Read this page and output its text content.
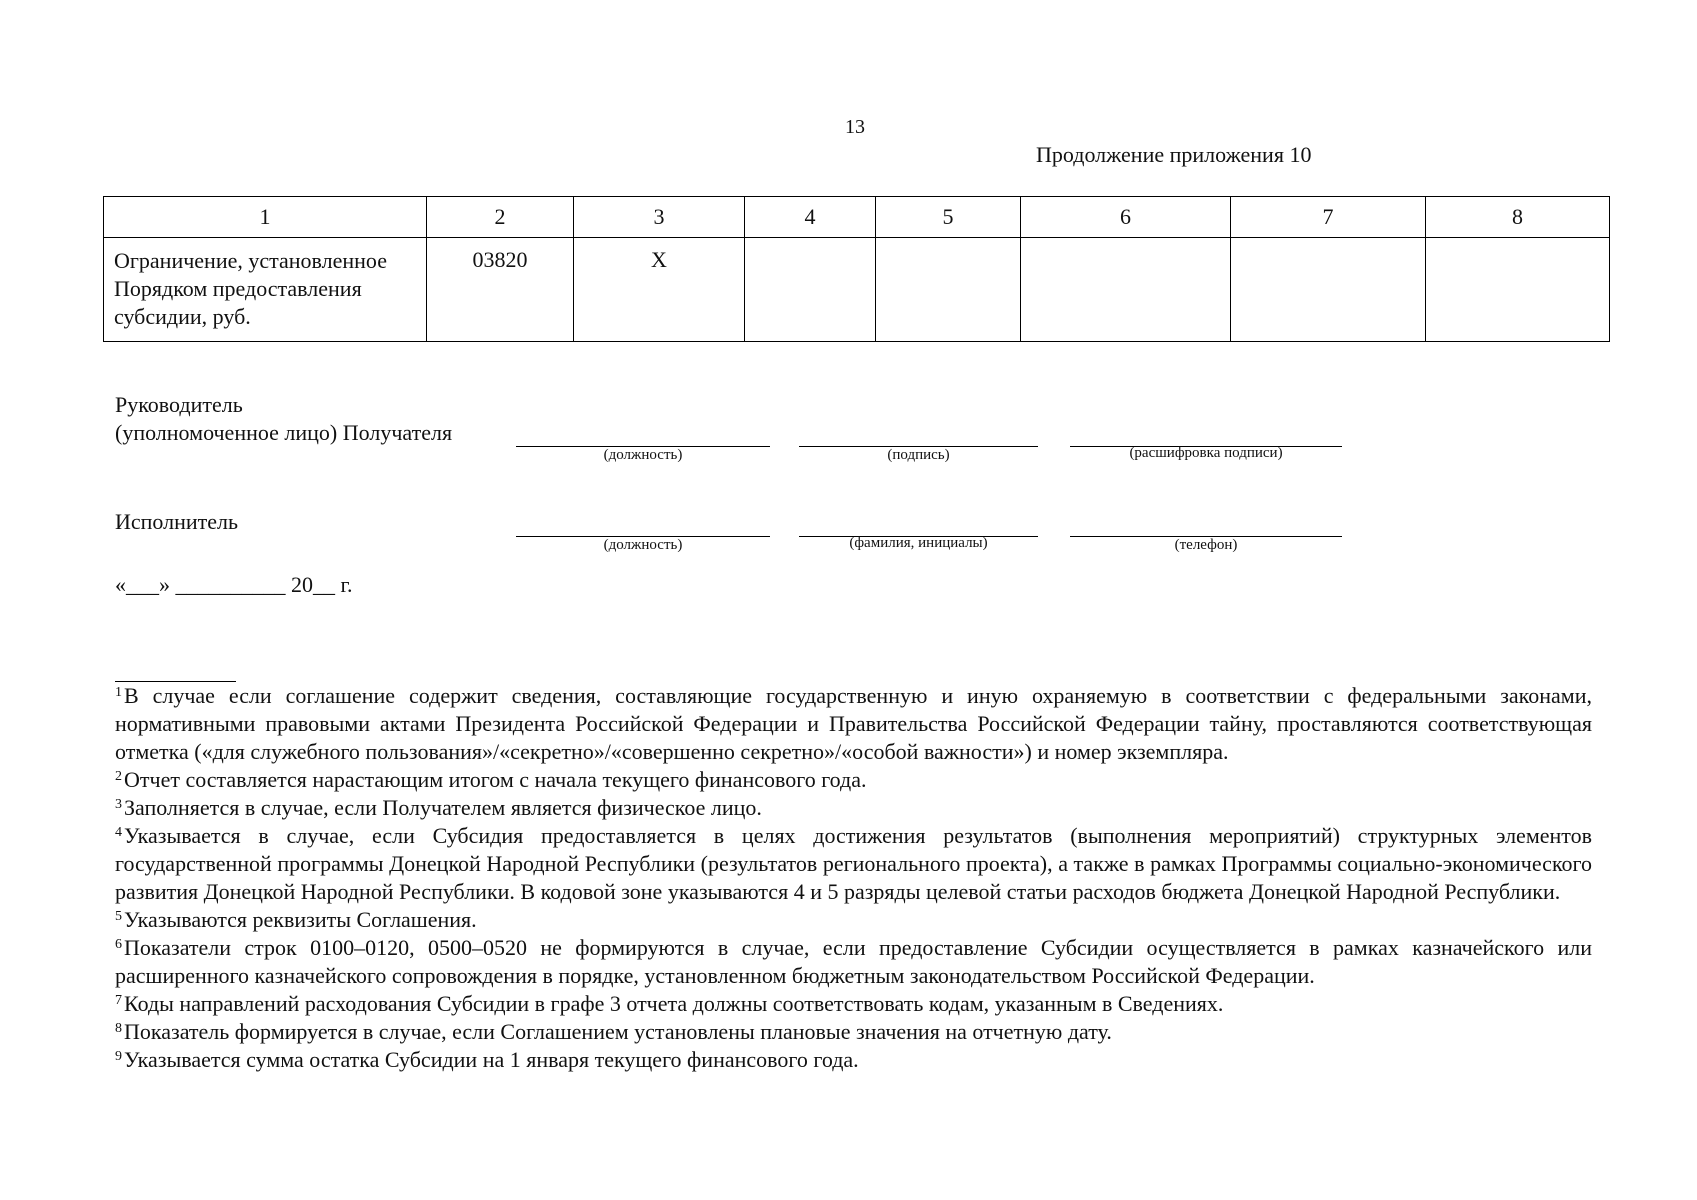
13
Продолжение приложения 10
1	2	3	4	5	6	7	8
Ограничение, установленное Порядком предоставления субсидии, руб.	03820	X					
Руководитель
(уполномоченное лицо) Получателя
(должность)	(подпись)	(расшифровка подписи)
Исполнитель
(должность)	(фамилия, инициалы)	(телефон)
«___» __________ 20__ г.

$^1$В случае если соглашение содержит сведения, составляющие государственную и иную охраняемую в соответствии с федеральными законами, нормативными правовыми актами Президента Российской Федерации и Правительства Российской Федерации тайну, проставляются соответствующая отметка («для служебного пользования»/«секретно»/«совершенно секретно»/«особой важности») и номер экземпляра.

$^2$Отчет составляется нарастающим итогом с начала текущего финансового года.

$^3$Заполняется в случае, если Получателем является физическое лицо.

$^4$Указывается в случае, если Субсидия предоставляется в целях достижения результатов (выполнения мероприятий) структурных элементов государственной программы Донецкой Народной Республики (результатов регионального проекта), а также в рамках Программы социально-экономического развития Донецкой Народной Республики. В кодовой зоне указываются 4 и 5 разряды целевой статьи расходов бюджета Донецкой Народной Республики.

$^5$Указываются реквизиты Соглашения.

$^6$Показатели строк 0100–0120, 0500–0520 не формируются в случае, если предоставление Субсидии осуществляется в рамках казначейского или расширенного казначейского сопровождения в порядке, установленном бюджетным законодательством Российской Федерации.

$^7$Коды направлений расходования Субсидии в графе 3 отчета должны соответствовать кодам, указанным в Сведениях.

$^8$Показатель формируется в случае, если Соглашением установлены плановые значения на отчетную дату.

$^9$Указывается сумма остатка Субсидии на 1 января текущего финансового года.
